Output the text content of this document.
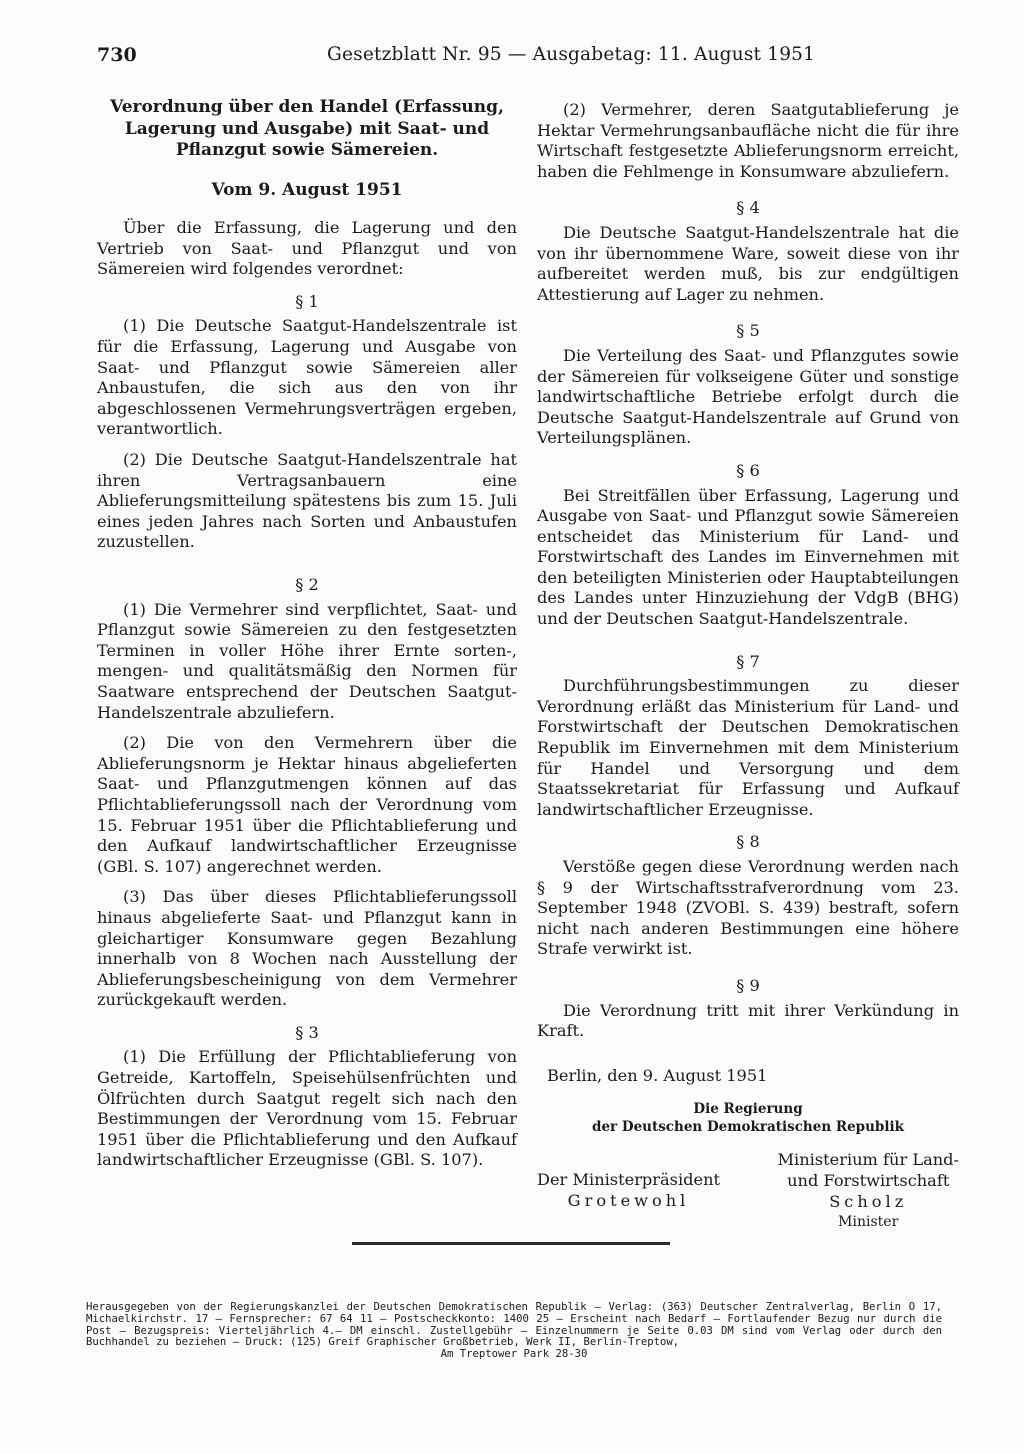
730	Gesetzblatt Nr. 95 — Ausgabetag: 11. August 1951
Verordnung über den Handel (Erfassung, Lagerung und Ausgabe) mit Saat- und Pflanzgut sowie Sämereien.
Vom 9. August 1951

Über die Erfassung, die Lagerung und den Vertrieb von Saat- und Pflanzgut und von Sämereien wird folgendes verordnet:

§ 1

(1) Die Deutsche Saatgut-Handelszentrale ist für die Erfassung, Lagerung und Ausgabe von Saat- und Pflanzgut sowie Sämereien aller Anbaustufen, die sich aus den von ihr abgeschlossenen Vermehrungsverträgen ergeben, verantwortlich.

(2) Die Deutsche Saatgut-Handelszentrale hat ihren Vertragsanbauern eine Ablieferungsmitteilung spätestens bis zum 15. Juli eines jeden Jahres nach Sorten und Anbaustufen zuzustellen.

§ 2

(1) Die Vermehrer sind verpflichtet, Saat- und Pflanzgut sowie Sämereien zu den festgesetzten Terminen in voller Höhe ihrer Ernte sorten-, mengen- und qualitätsmäßig den Normen für Saatware entsprechend der Deutschen Saatgut-Handelszentrale abzuliefern.

(2) Die von den Vermehrern über die Ablieferungsnorm je Hektar hinaus abgelieferten Saat- und Pflanzgutmengen können auf das Pflichtablieferungssoll nach der Verordnung vom 15. Februar 1951 über die Pflichtablieferung und den Aufkauf landwirtschaftlicher Erzeugnisse (GBl. S. 107) angerechnet werden.

(3) Das über dieses Pflichtablieferungssoll hinaus abgelieferte Saat- und Pflanzgut kann in gleichartiger Konsumware gegen Bezahlung innerhalb von 8 Wochen nach Ausstellung der Ablieferungsbescheinigung von dem Vermehrer zurückgekauft werden.

§ 3

(1) Die Erfüllung der Pflichtablieferung von Getreide, Kartoffeln, Speisehülsenfrüchten und Ölfrüchten durch Saatgut regelt sich nach den Bestimmungen der Verordnung vom 15. Februar 1951 über die Pflichtablieferung und den Aufkauf landwirtschaftlicher Erzeugnisse (GBl. S. 107).

(2) Vermehrer, deren Saatgutablieferung je Hektar Vermehrungsanbaufläche nicht die für ihre Wirtschaft festgesetzte Ablieferungsnorm erreicht, haben die Fehlmenge in Konsumware abzuliefern.

§ 4

Die Deutsche Saatgut-Handelszentrale hat die von ihr übernommene Ware, soweit diese von ihr aufbereitet werden muß, bis zur endgültigen Attestierung auf Lager zu nehmen.

§ 5

Die Verteilung des Saat- und Pflanzgutes sowie der Sämereien für volkseigene Güter und sonstige landwirtschaftliche Betriebe erfolgt durch die Deutsche Saatgut-Handelszentrale auf Grund von Verteilungsplänen.

§ 6

Bei Streitfällen über Erfassung, Lagerung und Ausgabe von Saat- und Pflanzgut sowie Sämereien entscheidet das Ministerium für Land- und Forstwirtschaft des Landes im Einvernehmen mit den beteiligten Ministerien oder Hauptabteilungen des Landes unter Hinzuziehung der VdgB (BHG) und der Deutschen Saatgut-Handelszentrale.

§ 7

Durchführungsbestimmungen zu dieser Verordnung erläßt das Ministerium für Land- und Forstwirtschaft der Deutschen Demokratischen Republik im Einvernehmen mit dem Ministerium für Handel und Versorgung und dem Staatssekretariat für Erfassung und Aufkauf landwirtschaftlicher Erzeugnisse.

§ 8

Verstöße gegen diese Verordnung werden nach § 9 der Wirtschaftsstrafverordnung vom 23. September 1948 (ZVOBl. S. 439) bestraft, sofern nicht nach anderen Bestimmungen eine höhere Strafe verwirkt ist.

§ 9

Die Verordnung tritt mit ihrer Verkündung in Kraft.

Berlin, den 9. August 1951
Die Regierung
der Deutschen Demokratischen Republik
Der Ministerpräsident
Grotewohl
Ministerium für Land-
und Forstwirtschaft
Scholz
Minister
Herausgegeben von der Regierungskanzlei der Deutschen Demokratischen Republik — Verlag: (363) Deutscher Zentralverlag, Berlin O 17, Michaelkirchstr. 17 — Fernsprecher: 67 64 11 — Postscheckkonto: 1400 25 — Erscheint nach Bedarf — Fortlaufender Bezug nur durch die Post — Bezugspreis: Vierteljährlich 4.— DM einschl. Zustellgebühr — Einzelnummern je Seite 0.03 DM sind vom Verlag oder durch den Buchhandel zu beziehen — Druck: (125) Greif Graphischer Großbetrieb, Werk II, Berlin-Treptow,
Am Treptower Park 28-30
